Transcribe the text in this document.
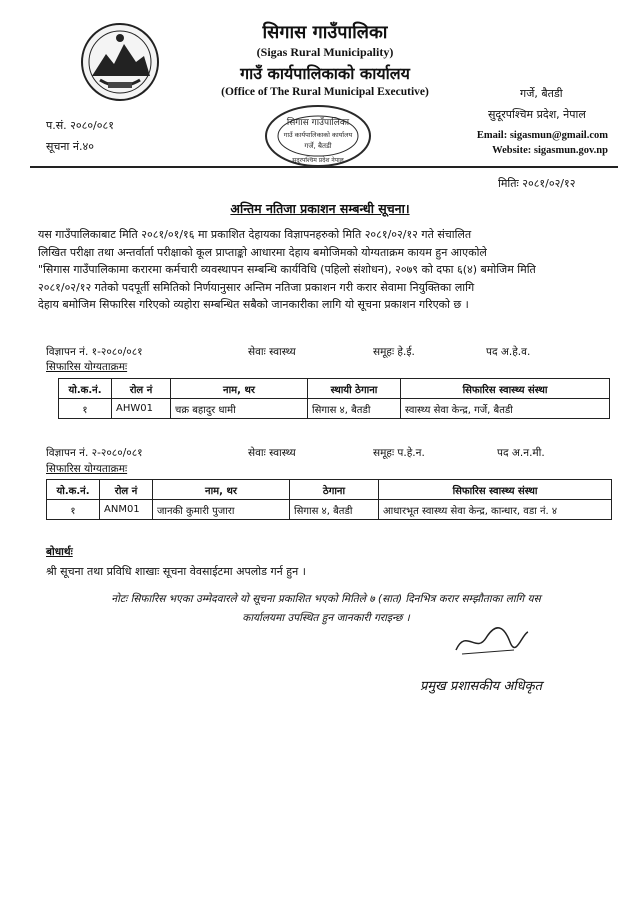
सिगास गाउँपालिका
(Sigas Rural Municipality)
गाउँ कार्यपालिकाको कार्यालय
(Office of The Rural Municipal Executive)	गर्जे, बैतडी
सुदूरपश्चिम प्रदेश, नेपाल
Email: sigasmun@gmail.com
Website: sigasmun.gov.np
प.सं. २०८०/०८१
सूचना नं.४०
सिगास गाउँपालिका
गाउँ कार्यपालिकाको कार्यालय
गर्जे, बैतडी
सुदूरपश्चिम प्रदेश नेपाल
मितिः २०८१/०२/१२
अन्तिम नतिजा प्रकाशन सम्बन्धी सूचना।
यस गाउँपालिकाबाट मिति २०८१/०१/१६ मा प्रकाशित देहायका विज्ञापनहरुको मिति २०८१/०२/१२ गते संचालित
लिखित परीक्षा तथा अन्तर्वार्ता परीक्षाको कूल प्राप्ताङ्को आधारमा देहाय बमोजिमको योग्यताक्रम कायम हुन आएकोले
"सिगास गाउँपालिकामा करारमा कर्मचारी व्यवस्थापन सम्बन्धि कार्यविधि (पहिलो संशोधन), २०७९ को दफा ६(४) बमोजिम मिति
२०८१/०२/१२ गतेको पदपूर्ती समितिको निर्णयानुसार अन्तिम नतिजा प्रकाशन गरी करार सेवामा नियुक्तिका लागि
देहाय बमोजिम सिफारिस गरिएको व्यहोरा सम्बन्धित सबैको जानकारीका लागि यो सूचना प्रकाशन गरिएको छ ।
विज्ञापन नं. १-२०८०/०८१	सेवाः स्वास्थ्य	समूहः हे.ई.	पद अ.हे.व.
सिफारिस योग्यताक्रमः
यो.क.नं.	रोल नं	नाम, थर	स्थायी ठेगाना	सिफारिस स्वास्थ्य संस्था
१	AHW01	चक्र बहादुर धामी	सिगास ४, बैतडी	स्वास्थ्य सेवा केन्द्र, गर्जे, बैतडी
विज्ञापन नं. २-२०८०/०८१	सेवाः स्वास्थ्य	समूहः प.हे.न.	पद अ.न.मी.
सिफारिस योग्यताक्रमः
यो.क.नं.	रोल नं	नाम, थर	ठेगाना	सिफारिस स्वास्थ्य संस्था
१	ANM01	जानकी कुमारी पुजारा	सिगास ४, बैतडी	आधारभूत स्वास्थ्य सेवा केन्द्र, कान्धार, वडा नं. ४
बोधार्थः
श्री सूचना तथा प्रविधि शाखाः सूचना वेवसाईटमा अपलोड गर्न हुन ।
नोटः सिफारिस भएका उम्मेदवारले यो सूचना प्रकाशित भएको मितिले ७ (सात) दिनभित्र करार सम्झौताका लागि यस
कार्यालयमा उपस्थित हुन जानकारी गराइन्छ ।
प्रमुख प्रशासकीय अधिकृत
